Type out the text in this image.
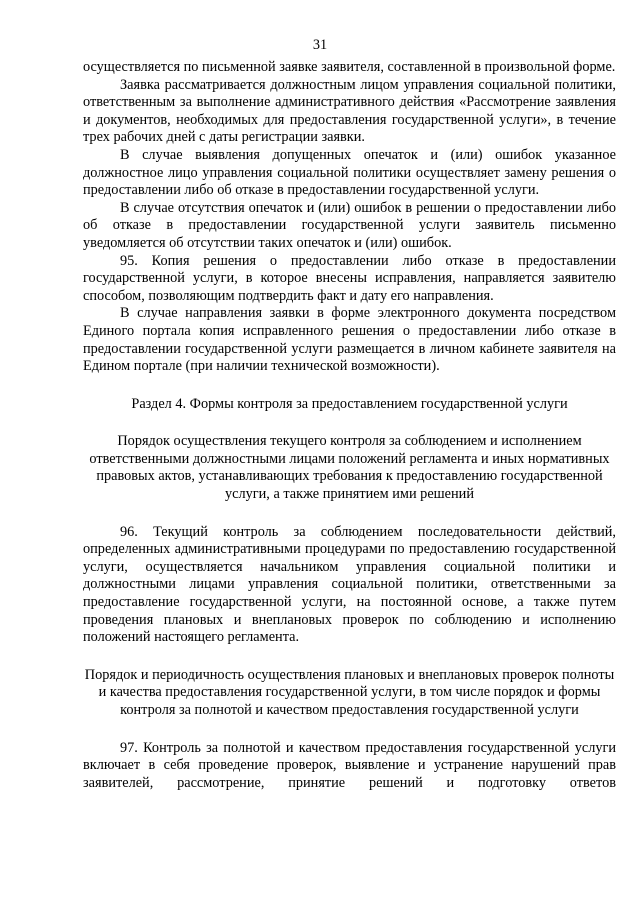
31

осуществляется по письменной заявке заявителя, составленной в произвольной форме.

Заявка рассматривается должностным лицом управления социальной политики, ответственным за выполнение административного действия «Рассмотрение заявления и документов, необходимых для предоставления государственной услуги», в течение трех рабочих дней с даты регистрации заявки.

В случае выявления допущенных опечаток и (или) ошибок указанное должностное лицо управления социальной политики осуществляет замену решения о предоставлении либо об отказе в предоставлении государственной услуги.

В случае отсутствия опечаток и (или) ошибок в решении о предоставлении либо об отказе в предоставлении государственной услуги заявитель письменно уведомляется об отсутствии таких опечаток и (или) ошибок.

95. Копия решения о предоставлении либо отказе в предоставлении государственной услуги, в которое внесены исправления, направляется заявителю способом, позволяющим подтвердить факт и дату его направления.

В случае направления заявки в форме электронного документа посредством Единого портала копия исправленного решения о предоставлении либо отказе в предоставлении государственной услуги размещается в личном кабинете заявителя на Едином портале (при наличии технической возможности).

Раздел 4. Формы контроля за предоставлением государственной услуги

Порядок осуществления текущего контроля за соблюдением и исполнением ответственными должностными лицами положений регламента и иных нормативных правовых актов, устанавливающих требования к предоставлению государственной услуги, а также принятием ими решений

96. Текущий контроль за соблюдением последовательности действий, определенных административными процедурами по предоставлению государственной услуги, осуществляется начальником управления социальной политики и должностными лицами управления социальной политики, ответственными за предоставление государственной услуги, на постоянной основе, а также путем проведения плановых и внеплановых проверок по соблюдению и исполнению положений настоящего регламента.

Порядок и периодичность осуществления плановых и внеплановых проверок полноты и качества предоставления государственной услуги, в том числе порядок и формы контроля за полнотой и качеством предоставления государственной услуги

97. Контроль за полнотой и качеством предоставления государственной услуги включает в себя проведение проверок, выявление и устранение нарушений прав заявителей, рассмотрение, принятие решений и подготовку ответов
